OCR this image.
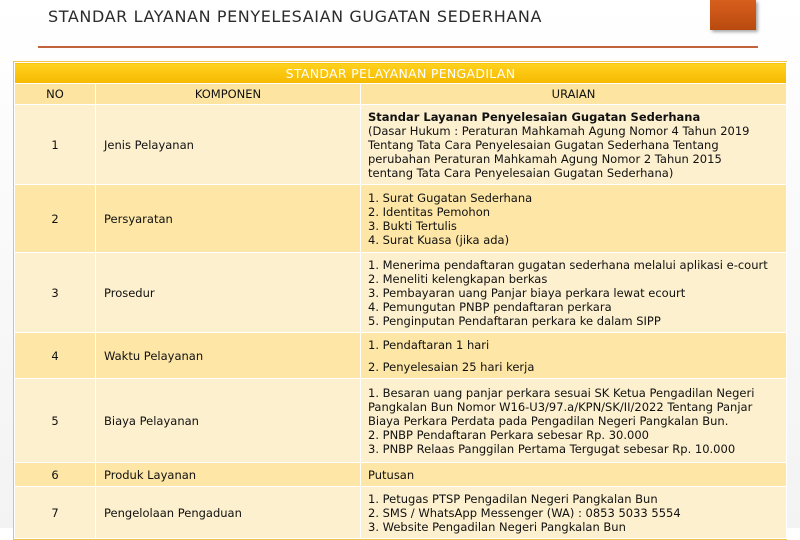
STANDAR LAYANAN PENYELESAIAN GUGATAN SEDERHANA
STANDAR PELAYANAN PENGADILAN		
NO	KOMPONEN	URAIAN
1	Jenis Pelayanan	Standar Layanan Penyelesaian Gugatan Sederhana
(Dasar Hukum : Peraturan Mahkamah Agung Nomor 4 Tahun 2019
Tentang Tata Cara Penyelesaian Gugatan Sederhana Tentang
perubahan Peraturan Mahkamah Agung Nomor 2 Tahun 2015
tentang Tata Cara Penyelesaian Gugatan Sederhana)

2	Persyaratan	1. Surat Gugatan Sederhana
2. Identitas Pemohon
3. Bukti Tertulis
4. Surat Kuasa (jika ada)

3	Prosedur	1. Menerima pendaftaran gugatan sederhana melalui aplikasi e-court
2. Meneliti kelengkapan berkas
3. Pembayaran uang Panjar biaya perkara lewat ecourt
4. Pemungutan PNBP pendaftaran perkara
5. Penginputan Pendaftaran perkara ke dalam SIPP

4	Waktu Pelayanan	1. Pendaftaran 1 hari
2. Penyelesaian 25 hari kerja

5	Biaya Pelayanan	1. Besaran uang panjar perkara sesuai SK Ketua Pengadilan Negeri
Pangkalan Bun Nomor W16-U3/97.a/KPN/SK/II/2022 Tentang Panjar
Biaya Perkara Perdata pada Pengadilan Negeri Pangkalan Bun.
2. PNBP Pendaftaran Perkara sebesar Rp. 30.000
3. PNBP Relaas Panggilan Pertama Tergugat sebesar Rp. 10.000

6	Produk Layanan	Putusan

7	Pengelolaan Pengaduan	1. Petugas PTSP Pengadilan Negeri Pangkalan Bun
2. SMS / WhatsApp Messenger (WA) : 0853 5033 5554
3. Website Pengadilan Negeri Pangkalan Bun
